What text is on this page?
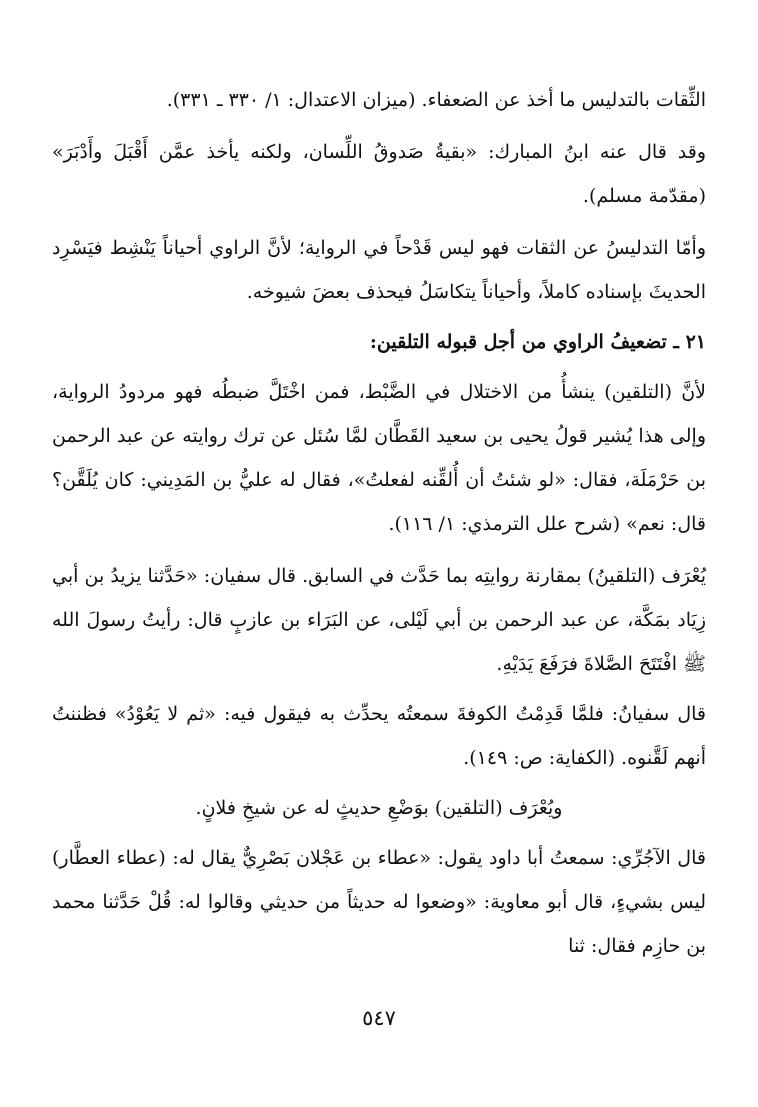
الثِّقات بالتدليس ما أخذ عن الضعفاء. (ميزان الاعتدال: ١/ ٣٣٠ ـ ٣٣١).

وقد قال عنه ابنُ المبارك: «بقيةُ صَدوقُ اللِّسان، ولكنه يأخذ عمَّن أَقْبَلَ وأَدْبَرَ» (مقدّمة مسلم).

وأمّا التدليسُ عن الثقات فهو ليس قَدْحاً في الرواية؛ لأنَّ الراوي أحياناً يَنْشِط فيَسْرِد الحديثَ بإسناده كاملاً، وأحياناً يتكاسَلُ فيحذف بعضَ شيوخه.

٢١ ـ تضعيفُ الراوي من أجل قبوله التلقين:

لأنَّ (التلقين) ينشأُ من الاختلال في الضَّبْط، فمن اخْتَلَّ ضبطُه فهو مردودُ الرواية، وإلى هذا يُشير قولُ يحيى بن سعيد القَطَّان لمَّا سُئل عن ترك روايته عن عبد الرحمن بن حَرْمَلَة، فقال: «لو شئتُ أن أُلقِّنه لفعلتُ»، فقال له عليُّ بن المَدِيني: كان يُلَقَّن؟ قال: نعم» (شرح علل الترمذي: ١/ ١١٦).

يُعْرَف (التلقينُ) بمقارنة روايتِه بما حَدَّث في السابق. قال سفيان: «حَدَّثنا يزيدُ بن أبي زِيَاد بمَكَّة، عن عبد الرحمن بن أبي لَيْلى، عن البَرَاء بن عازبٍ قال: رأيتُ رسولَ الله ﷺ افْتَتَحَ الصَّلاةَ فرَفَعَ يَدَيْهِ.

قال سفيانُ: فلمَّا قَدِمْتُ الكوفةَ سمعتُه يحدِّث به فيقول فيه: «ثم لا يَعُوْدُ» فظننتُ أنهم لَقَّنوه. (الكفاية: ص: ١٤٩).

ويُعْرَف (التلقين) بوَضْعِ حديثٍ له عن شيخِ فلانٍ.

قال الآجُرِّي: سمعتُ أبا داود يقول: «عطاء بن عَجْلان بَصْرِيٌّ يقال له: (عطاء العطَّار) ليس بشيءٍ، قال أبو معاوية: «وضعوا له حديثاً من حديثي وقالوا له: قُلْ حَدَّثنا محمد بن حازِم فقال: ثنا

٥٤٧
